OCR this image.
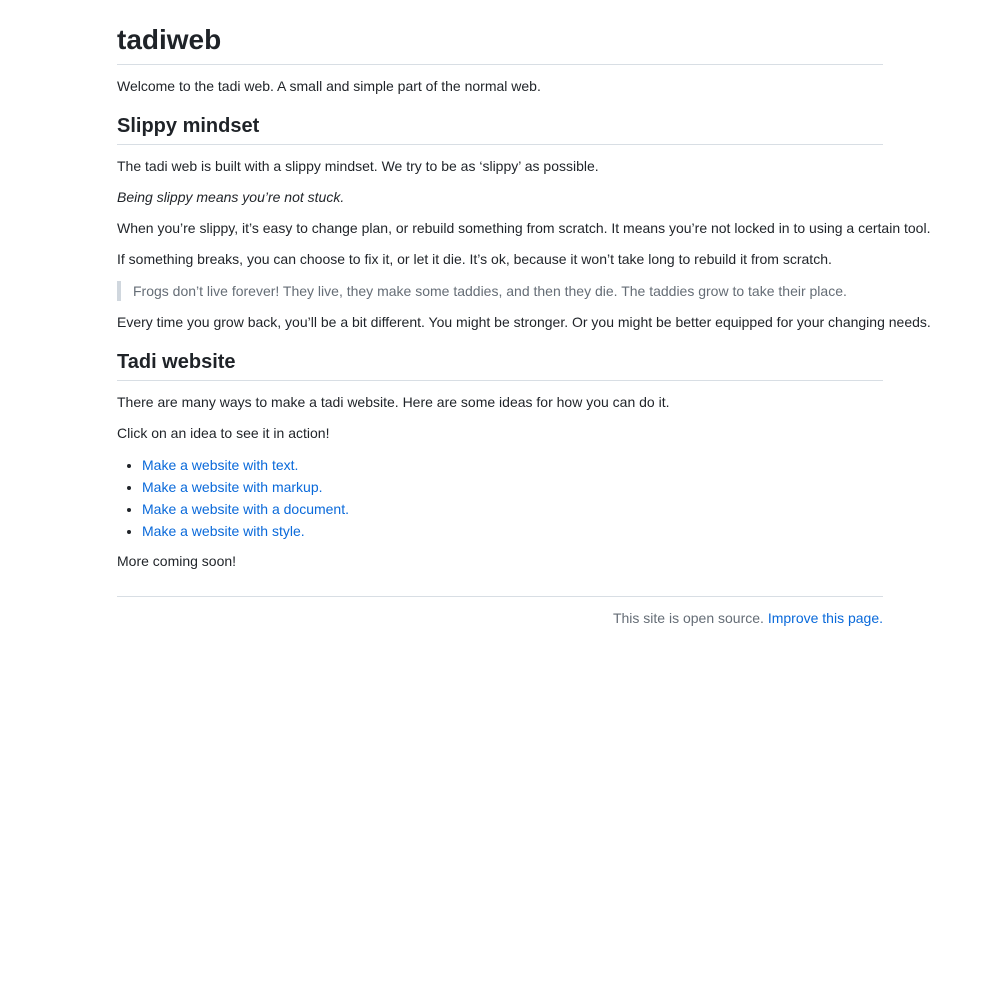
tadiweb

Welcome to the tadi web. A small and simple part of the normal web.

Slippy mindset

The tadi web is built with a slippy mindset. We try to be as ‘slippy’ as possible.

Being slippy means you’re not stuck.

When you’re slippy, it’s easy to change plan, or rebuild something from scratch. It means you’re not locked in to using a certain tool.

If something breaks, you can choose to fix it, or let it die. It’s ok, because it won’t take long to rebuild it from scratch.

Frogs don’t live forever! They live, they make some taddies, and then they die. The taddies grow to take their place.

Every time you grow back, you’ll be a bit different. You might be stronger. Or you might be better equipped for your changing needs.

Tadi website

There are many ways to make a tadi website. Here are some ideas for how you can do it.

Click on an idea to see it in action!

• Make a website with text.
• Make a website with markup.
• Make a website with a document.
• Make a website with style.

More coming soon!

This site is open source. Improve this page.
